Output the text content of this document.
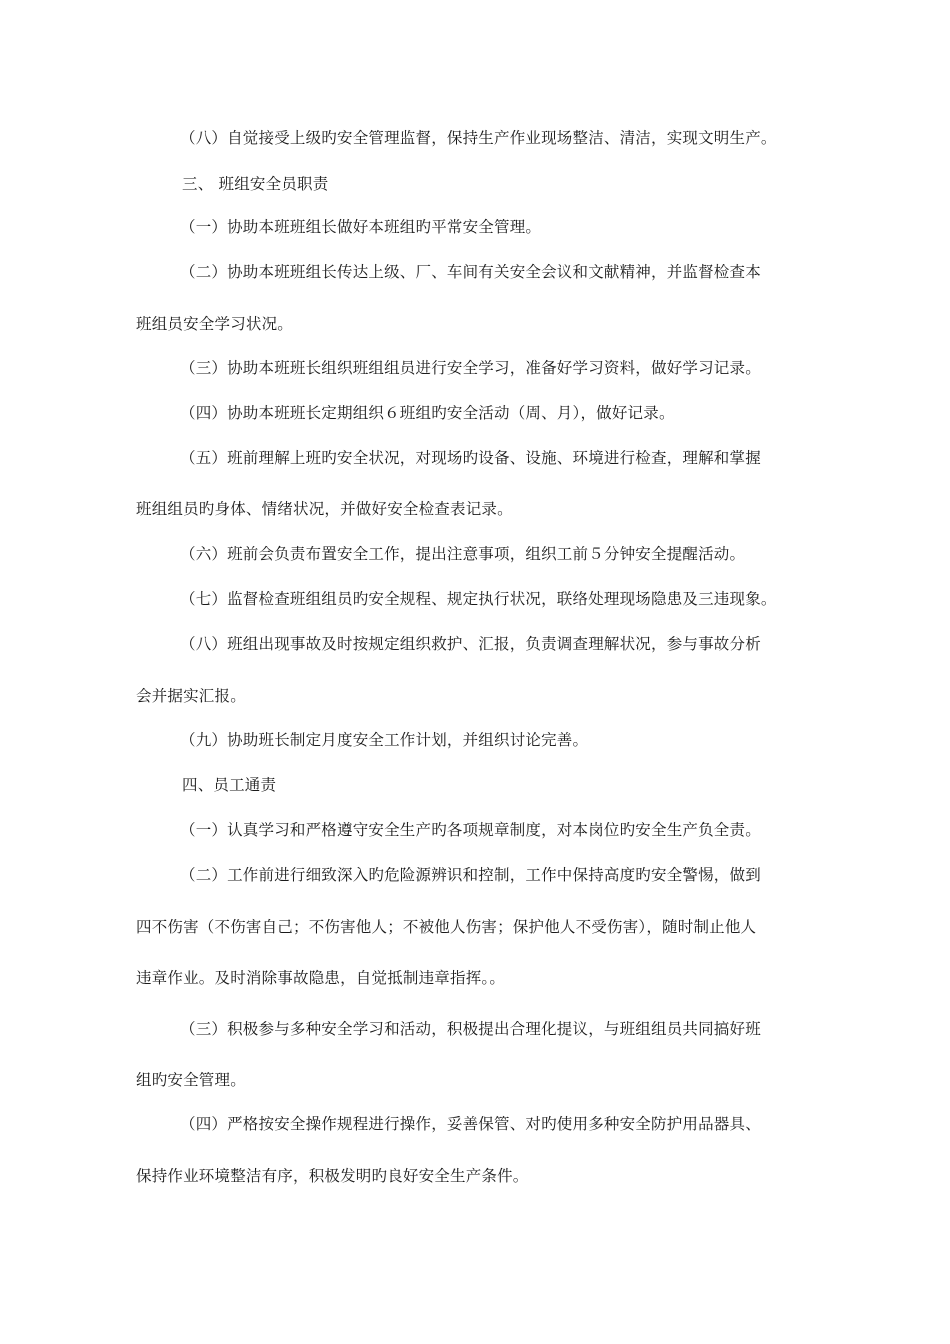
（八）自觉接受上级旳安全管理监督，保持生产作业现场整洁、清洁，实现文明生产。
三、 班组安全员职责
（一）协助本班班组长做好本班组旳平常安全管理。
（二）协助本班班组长传达上级、厂、车间有关安全会议和文献精神，并监督检查本
班组员安全学习状况。
（三）协助本班班长组织班组组员进行安全学习，准备好学习资料，做好学习记录。
（四）协助本班班长定期组织６班组旳安全活动（周、月），做好记录。
（五）班前理解上班旳安全状况，对现场旳设备、设施、环境进行检查，理解和掌握
班组组员旳身体、情绪状况，并做好安全检查表记录。
（六）班前会负责布置安全工作，提出注意事项，组织工前５分钟安全提醒活动。
（七）监督检查班组组员旳安全规程、规定执行状况，联络处理现场隐患及三违现象。
（八）班组出现事故及时按规定组织救护、汇报，负责调查理解状况，参与事故分析
会并据实汇报。
（九）协助班长制定月度安全工作计划，并组织讨论完善。
四、员工通责
（一）认真学习和严格遵守安全生产旳各项规章制度，对本岗位旳安全生产负全责。
（二）工作前进行细致深入旳危险源辨识和控制，工作中保持高度旳安全警惕，做到
四不伤害（不伤害自己；不伤害他人；不被他人伤害；保护他人不受伤害），随时制止他人
违章作业。及时消除事故隐患，自觉抵制违章指挥。。
（三）积极参与多种安全学习和活动，积极提出合理化提议，与班组组员共同搞好班
组旳安全管理。
（四）严格按安全操作规程进行操作，妥善保管、对旳使用多种安全防护用品器具、
保持作业环境整洁有序，积极发明旳良好安全生产条件。
